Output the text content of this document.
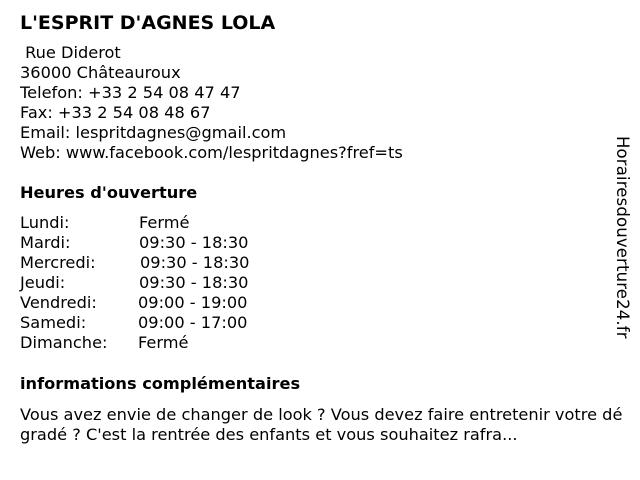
L'ESPRIT D'AGNES LOLA
Rue Diderot
36000 Châteauroux
Telefon: +33 2 54 08 47 47
Fax: +33 2 54 08 48 67
Email: lespritdagnes@gmail.com
Web: www.facebook.com/lespritdagnes?fref=ts
Heures d'ouverture
Lundi:	Fermé
Mardi:	09:30 - 18:30
Mercredi:	09:30 - 18:30
Jeudi:	09:30 - 18:30
Vendredi:	09:00 - 19:00
Samedi:	09:00 - 17:00
Dimanche: Fermé
informations complémentaires
Vous avez envie de changer de look ? Vous devez faire entretenir votre dégradé ? C'est la rentrée des enfants et vous souhaitez rafra...
Horairesdouverture24.fr
